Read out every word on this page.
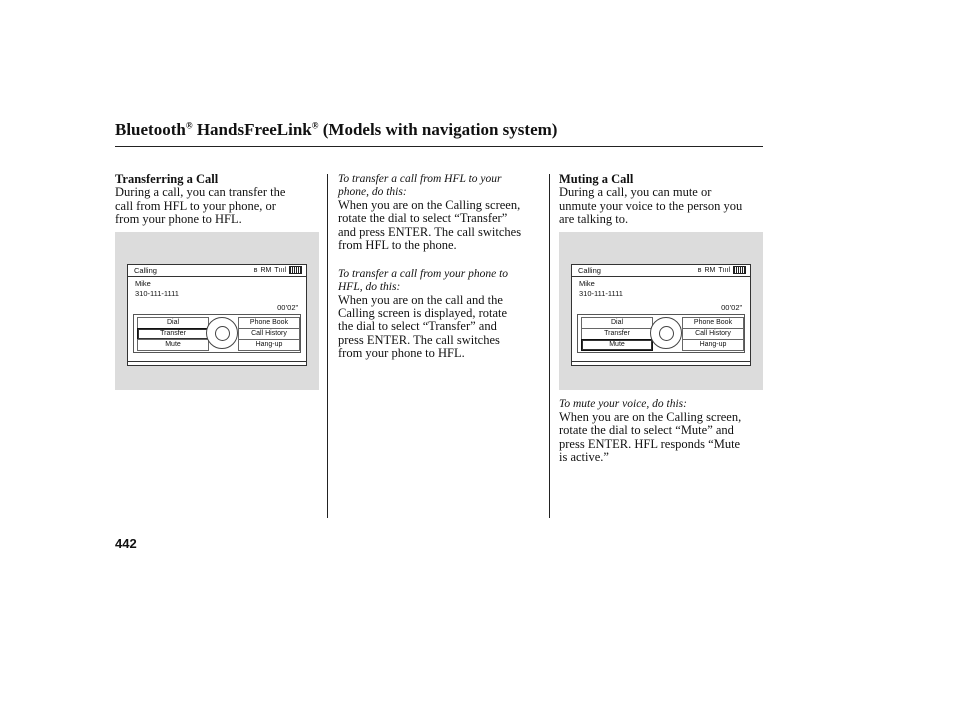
Bluetooth® HandsFreeLink® (Models with navigation system)
Transferring a Call
During a call, you can transfer the
call from HFL to your phone, or
from your phone to HFL.
Calling	ʙ RM Tıııl
Mike
310-111-1111
00’02”
Dial
Transfer
Mute
Phone Book
Call History
Hang-up
To transfer a call from HFL to your
phone, do this:
When you are on the Calling screen,
rotate the dial to select “Transfer”
and press ENTER. The call switches
from HFL to the phone.
To transfer a call from your phone to
HFL, do this:
When you are on the call and the
Calling screen is displayed, rotate
the dial to select “Transfer” and
press ENTER. The call switches
from your phone to HFL.
Muting a Call
During a call, you can mute or
unmute your voice to the person you
are talking to.
Calling	ʙ RM Tıııl
Mike
310-111-1111
00’02”
Dial
Transfer
Mute
Phone Book
Call History
Hang-up
To mute your voice, do this:
When you are on the Calling screen,
rotate the dial to select “Mute” and
press ENTER. HFL responds “Mute
is active.”
442
